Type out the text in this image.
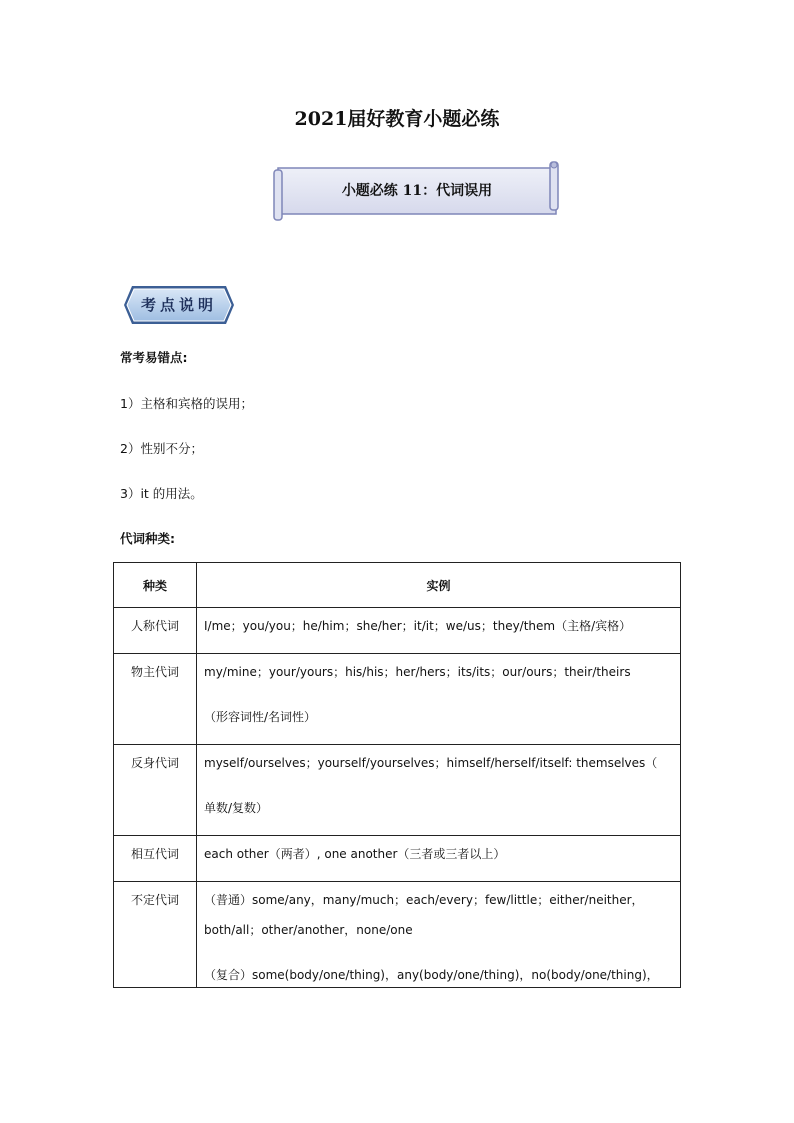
2021届好教育小题必练
小题必练 11：代词误用
考点说明
常考易错点:
1）主格和宾格的误用；
2）性别不分；
3）it 的用法。
代词种类:
种类	实例

人称代词	I/me；you/you；he/him；she/her；it/it；we/us；they/them（主格/宾格）

物主代词	my/mine；your/yours；his/his；her/hers；its/its；our/ours；their/theirs
（形容词性/名词性）

反身代词	myself/ourselves；yourself/yourselves；himself/herself/itself: themselves（
单数/复数）

相互代词	each other（两者）, one another（三者或三者以上）

不定代词	（普通）some/any，many/much；each/every；few/little；either/neither，
both/all；other/another，none/one
（复合）some(body/one/thing)，any(body/one/thing)，no(body/one/thing)，
